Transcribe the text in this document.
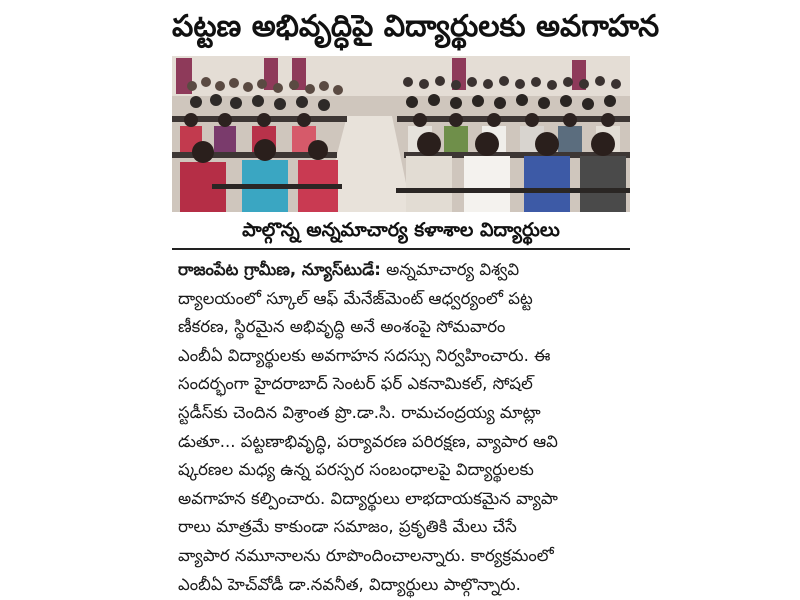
పట్టణ అభివృద్ధిపై విద్యార్థులకు అవగాహన
పాల్గొన్న అన్నమాచార్య కళాశాల విద్యార్థులు
రాజంపేట గ్రామీణ, న్యూస్‌టుడే: అన్నమాచార్య విశ్వవి
ద్యాలయంలో స్కూల్ ఆఫ్ మేనేజ్‌మెంట్ ఆధ్వర్యంలో పట్ట
ణీకరణ, స్థిరమైన అభివృద్ధి అనే అంశంపై సోమవారం
ఎంబీఏ విద్యార్థులకు అవగాహన సదస్సు నిర్వహించారు. ఈ
సందర్భంగా హైదరాబాద్ సెంటర్ ఫర్ ఎకనామికల్, సోషల్
స్టడీస్‌కు చెందిన విశ్రాంత ప్రొ.డా.సి. రామచంద్రయ్య మాట్లా
డుతూ... పట్టణాభివృద్ధి, పర్యావరణ పరిరక్షణ, వ్యాపార ఆవి
ష్కరణల మధ్య ఉన్న పరస్పర సంబంధాలపై విద్యార్థులకు
అవగాహన కల్పించారు. విద్యార్థులు లాభదాయకమైన వ్యాపా
రాలు మాత్రమే కాకుండా సమాజం, ప్రకృతికి మేలు చేసే
వ్యాపార నమూనాలను రూపొందించాలన్నారు. కార్యక్రమంలో
ఎంబీఏ హెచ్‌వోడీ డా.నవనీత, విద్యార్థులు పాల్గొన్నారు.
